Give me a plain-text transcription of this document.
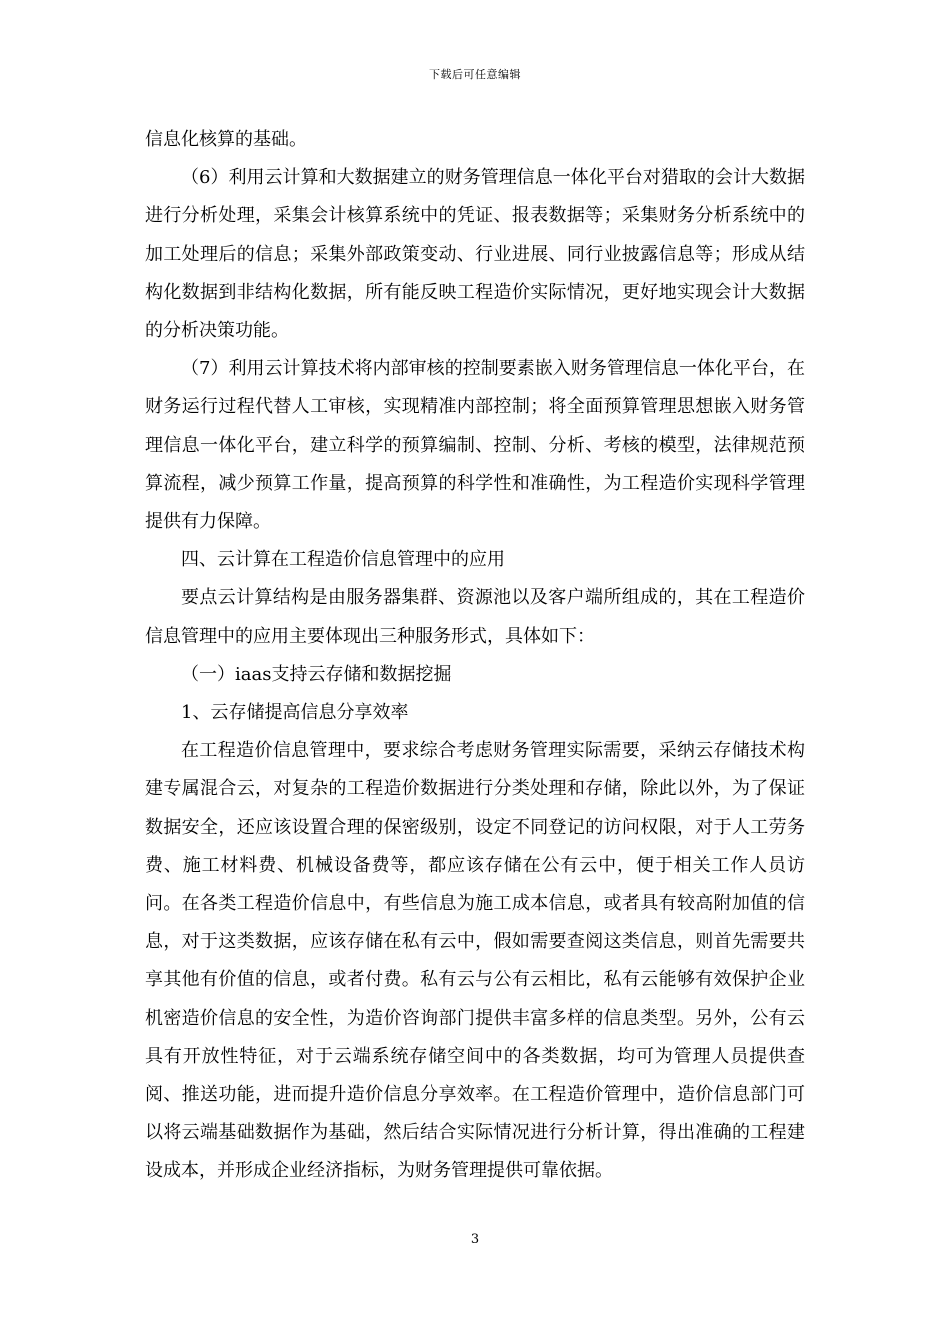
下载后可任意编辑

信息化核算的基础。

（6）利用云计算和大数据建立的财务管理信息一体化平台对猎取的会计大数据进行分析处理，采集会计核算系统中的凭证、报表数据等；采集财务分析系统中的加工处理后的信息；采集外部政策变动、行业进展、同行业披露信息等；形成从结构化数据到非结构化数据，所有能反映工程造价实际情况，更好地实现会计大数据的分析决策功能。

（7）利用云计算技术将内部审核的控制要素嵌入财务管理信息一体化平台，在财务运行过程代替人工审核，实现精准内部控制；将全面预算管理思想嵌入财务管理信息一体化平台，建立科学的预算编制、控制、分析、考核的模型，法律规范预算流程，减少预算工作量，提高预算的科学性和准确性，为工程造价实现科学管理提供有力保障。

四、云计算在工程造价信息管理中的应用

要点云计算结构是由服务器集群、资源池以及客户端所组成的，其在工程造价信息管理中的应用主要体现出三种服务形式，具体如下：

（一）iaas支持云存储和数据挖掘

1、云存储提高信息分享效率

在工程造价信息管理中，要求综合考虑财务管理实际需要，采纳云存储技术构建专属混合云，对复杂的工程造价数据进行分类处理和存储，除此以外，为了保证数据安全，还应该设置合理的保密级别，设定不同登记的访问权限，对于人工劳务费、施工材料费、机械设备费等，都应该存储在公有云中，便于相关工作人员访问。在各类工程造价信息中，有些信息为施工成本信息，或者具有较高附加值的信息，对于这类数据，应该存储在私有云中，假如需要查阅这类信息，则首先需要共享其他有价值的信息，或者付费。私有云与公有云相比，私有云能够有效保护企业机密造价信息的安全性，为造价咨询部门提供丰富多样的信息类型。另外，公有云具有开放性特征，对于云端系统存储空间中的各类数据，均可为管理人员提供查阅、推送功能，进而提升造价信息分享效率。在工程造价管理中，造价信息部门可以将云端基础数据作为基础，然后结合实际情况进行分析计算，得出准确的工程建设成本，并形成企业经济指标，为财务管理提供可靠依据。

3
